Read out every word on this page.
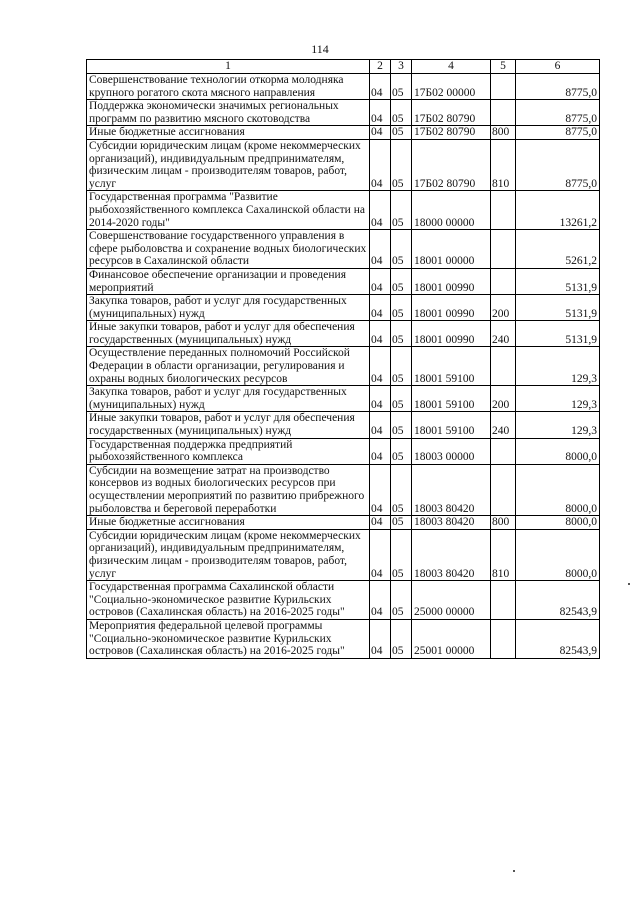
114
1	2	3	4	5	6
Совершенствование технологии откорма молодняка крупного рогатого скота мясного направления	04	05	17Б02 00000		8775,0
Поддержка экономически значимых региональных программ по развитию мясного скотоводства	04	05	17Б02 80790		8775,0
Иные бюджетные ассигнования	04	05	17Б02 80790	800	8775,0
Субсидии юридическим лицам (кроме некоммерческих организаций), индивидуальным предпринимателям, физическим лицам - производителям товаров, работ, услуг	04	05	17Б02 80790	810	8775,0
Государственная программа "Развитие рыбохозяйственного комплекса Сахалинской области на 2014-2020 годы"	04	05	18000 00000		13261,2
Совершенствование государственного управления в сфере рыболовства и сохранение водных биологических ресурсов в Сахалинской области	04	05	18001 00000		5261,2
Финансовое обеспечение организации и проведения мероприятий	04	05	18001 00990		5131,9
Закупка товаров, работ и услуг для государственных (муниципальных) нужд	04	05	18001 00990	200	5131,9
Иные закупки товаров, работ и услуг для обеспечения государственных (муниципальных) нужд	04	05	18001 00990	240	5131,9
Осуществление переданных полномочий Российской Федерации в области организации, регулирования и охраны водных биологических ресурсов	04	05	18001 59100		129,3
Закупка товаров, работ и услуг для государственных (муниципальных) нужд	04	05	18001 59100	200	129,3
Иные закупки товаров, работ и услуг для обеспечения государственных (муниципальных) нужд	04	05	18001 59100	240	129,3
Государственная поддержка предприятий рыбохозяйственного комплекса	04	05	18003 00000		8000,0
Субсидии на возмещение затрат на производство консервов из водных биологических ресурсов при осуществлении мероприятий по развитию прибрежного рыболовства и береговой переработки	04	05	18003 80420		8000,0
Иные бюджетные ассигнования	04	05	18003 80420	800	8000,0
Субсидии юридическим лицам (кроме некоммерческих организаций), индивидуальным предпринимателям, физическим лицам - производителям товаров, работ, услуг	04	05	18003 80420	810	8000,0
Государственная программа Сахалинской области "Социально-экономическое развитие Курильских островов (Сахалинская область) на 2016-2025 годы"	04	05	25000 00000		82543,9
Мероприятия федеральной целевой программы "Социально-экономическое развитие Курильских островов (Сахалинская область) на 2016-2025 годы"	04	05	25001 00000		82543,9
